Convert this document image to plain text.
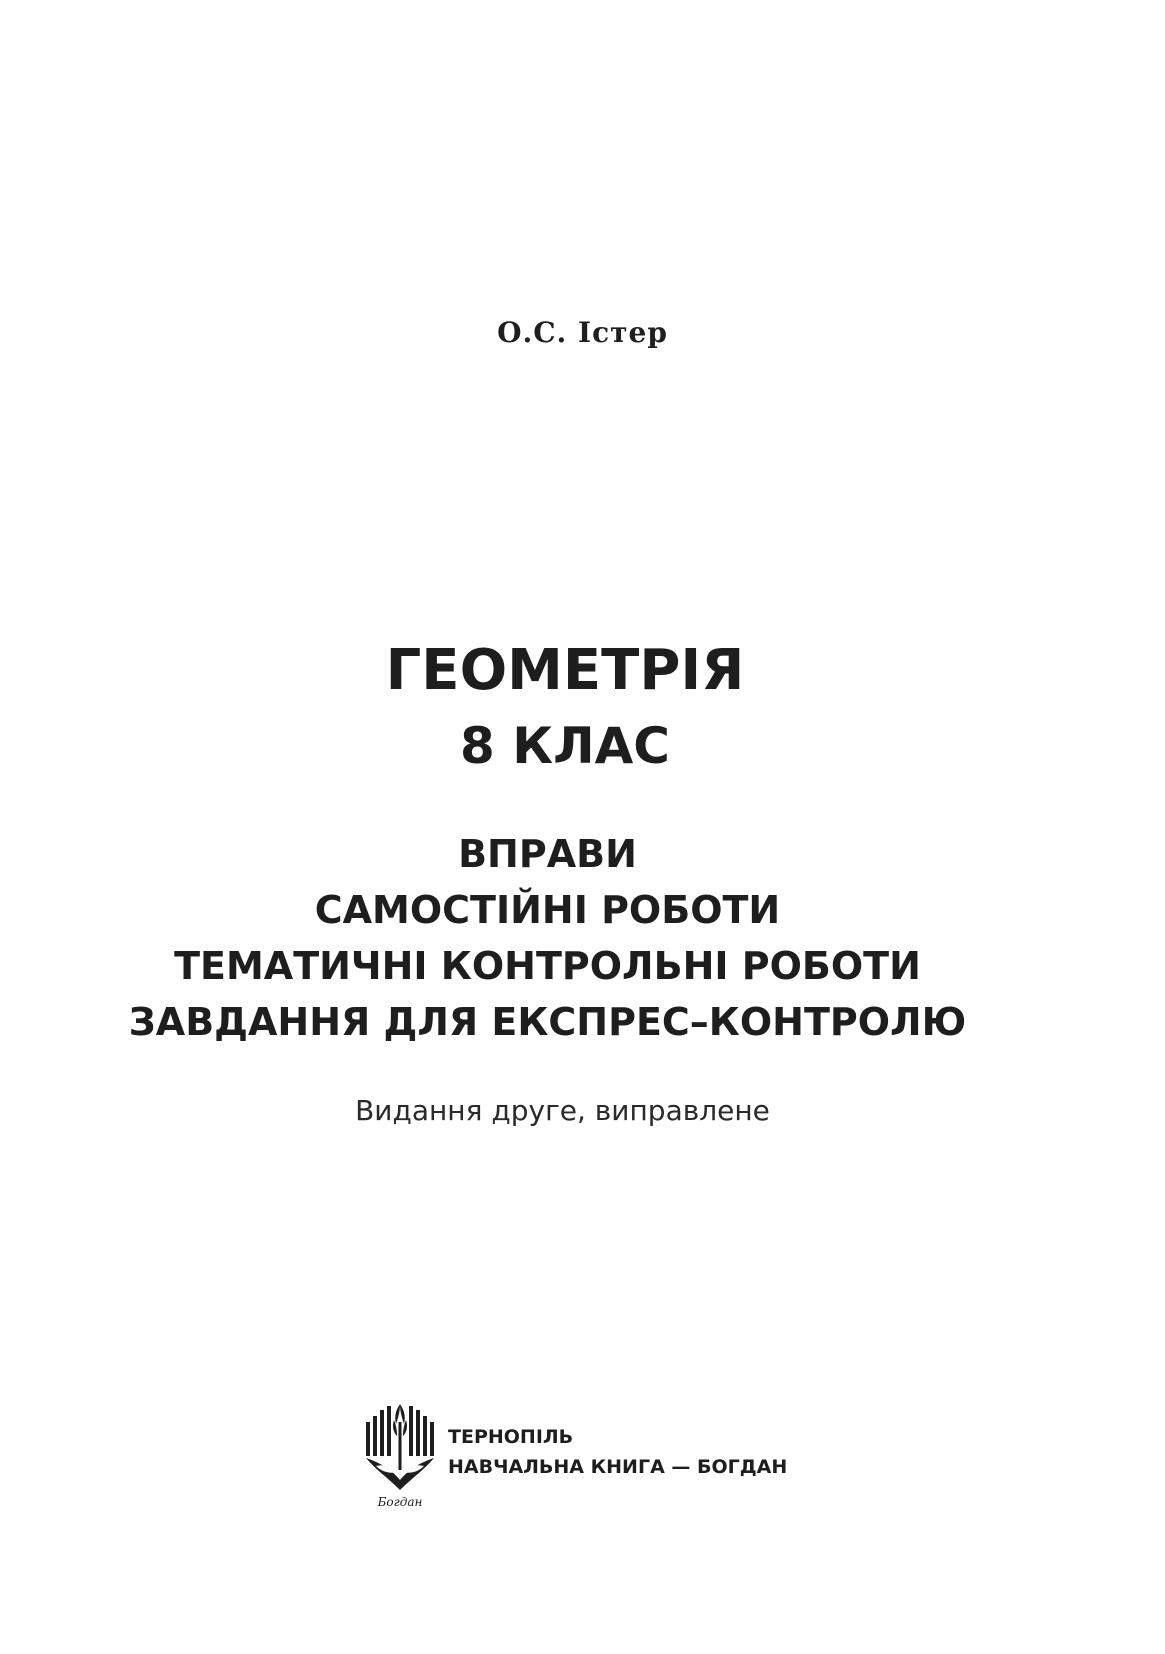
О.С. Істер
ГЕОМЕТРІЯ
8 КЛАС
ВПРАВИ
САМОСТІЙНІ РОБОТИ
ТЕМАТИЧНІ КОНТРОЛЬНІ РОБОТИ
ЗАВДАННЯ ДЛЯ ЕКСПРЕС–КОНТРОЛЮ
Видання друге, виправлене
Богдан
ТЕРНОПІЛЬ
НАВЧАЛЬНА КНИГА — БОГДАН
